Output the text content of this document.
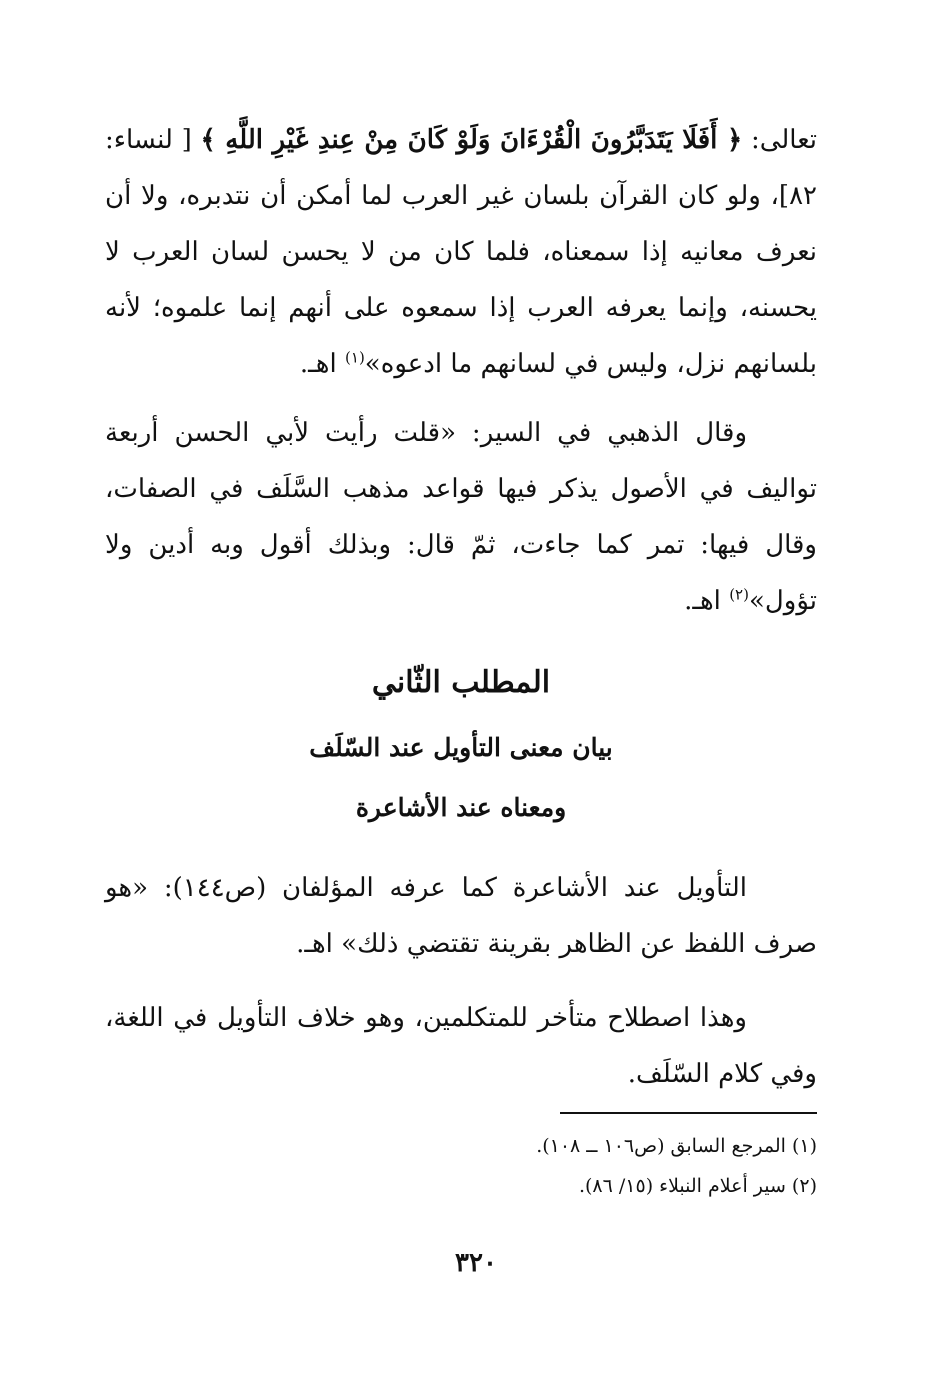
تعالى: ﴿ أَفَلَا يَتَدَبَّرُونَ الْقُرْءَانَ وَلَوْ كَانَ مِنْ عِندِ غَيْرِ اللَّهِ ﴾ [ لنساء: ٨٢]، ولو كان القرآن بلسان غير العرب لما أمكن أن نتدبره، ولا أن نعرف معانيه إذا سمعناه، فلما كان من لا يحسن لسان العرب لا يحسنه، وإنما يعرفه العرب إذا سمعوه على أنهم إنما علموه؛ لأنه بلسانهم نزل، وليس في لسانهم ما ادعوه»$^{(١)}$ اهـ.

وقال الذهبي في السير: «قلت رأيت لأبي الحسن أربعة تواليف في الأصول يذكر فيها قواعد مذهب السَّلَف في الصفات، وقال فيها: تمر كما جاءت، ثمّ قال: وبذلك أقول وبه أدين ولا تؤول»$^{(٢)}$ اهـ.

المطلب الثّاني
بيان معنى التأويل عند السّلَف
ومعناه عند الأشاعرة

التأويل عند الأشاعرة كما عرفه المؤلفان (ص١٤٤): «هو صرف اللفظ عن الظاهر بقرينة تقتضي ذلك» اهـ.

وهذا اصطلاح متأخر للمتكلمين، وهو خلاف التأويل في اللغة، وفي كلام السّلَف.

(١) المرجع السابق (ص١٠٦ ــ ١٠٨).

(٢) سير أعلام النبلاء (١٥/ ٨٦).

٣٢٠
